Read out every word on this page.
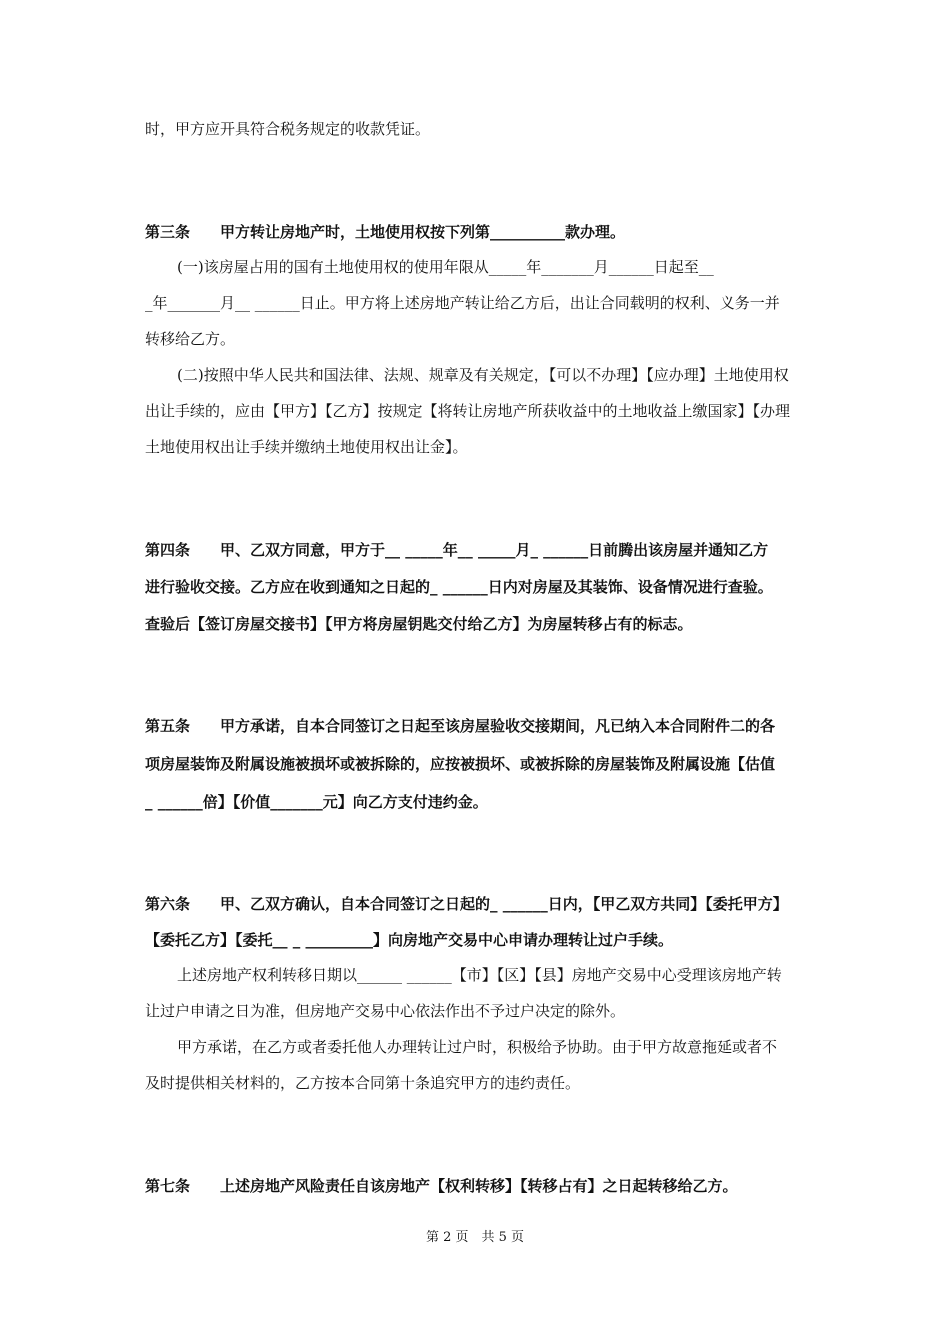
时，甲方应开具符合税务规定的收款凭证。
第三条　　甲方转让房地产时，土地使用权按下列第__________款办理。
(一)该房屋占用的国有土地使用权的使用年限从_____年_______月______日起至__
_年_______月__ ______日止。甲方将上述房地产转让给乙方后，出让合同载明的权利、义务一并
转移给乙方。
(二)按照中华人民共和国法律、法规、规章及有关规定，【可以不办理】【应办理】土地使用权
出让手续的，应由【甲方】【乙方】按规定【将转让房地产所获收益中的土地收益上缴国家】【办理
土地使用权出让手续并缴纳土地使用权出让金】。
第四条　　甲、乙双方同意，甲方于__ _____年__ _____月_ ______日前腾出该房屋并通知乙方
进行验收交接。乙方应在收到通知之日起的_ ______日内对房屋及其装饰、设备情况进行查验。
查验后【签订房屋交接书】【甲方将房屋钥匙交付给乙方】为房屋转移占有的标志。
第五条　　甲方承诺，自本合同签订之日起至该房屋验收交接期间，凡已纳入本合同附件二的各
项房屋装饰及附属设施被损坏或被拆除的，应按被损坏、或被拆除的房屋装饰及附属设施【估值
_ ______倍】【价值_______元】向乙方支付违约金。
第六条　　甲、乙双方确认，自本合同签订之日起的_ ______日内，【甲乙双方共同】【委托甲方】
【委托乙方】【委托__ _ _________】向房地产交易中心申请办理转让过户手续。
上述房地产权利转移日期以______ ______【市】【区】【县】房地产交易中心受理该房地产转
让过户申请之日为准，但房地产交易中心依法作出不予过户决定的除外。
甲方承诺，在乙方或者委托他人办理转让过户时，积极给予协助。由于甲方故意拖延或者不
及时提供相关材料的，乙方按本合同第十条追究甲方的违约责任。
第七条　　上述房地产风险责任自该房地产【权利转移】【转移占有】之日起转移给乙方。
第 2 页　共 5 页
